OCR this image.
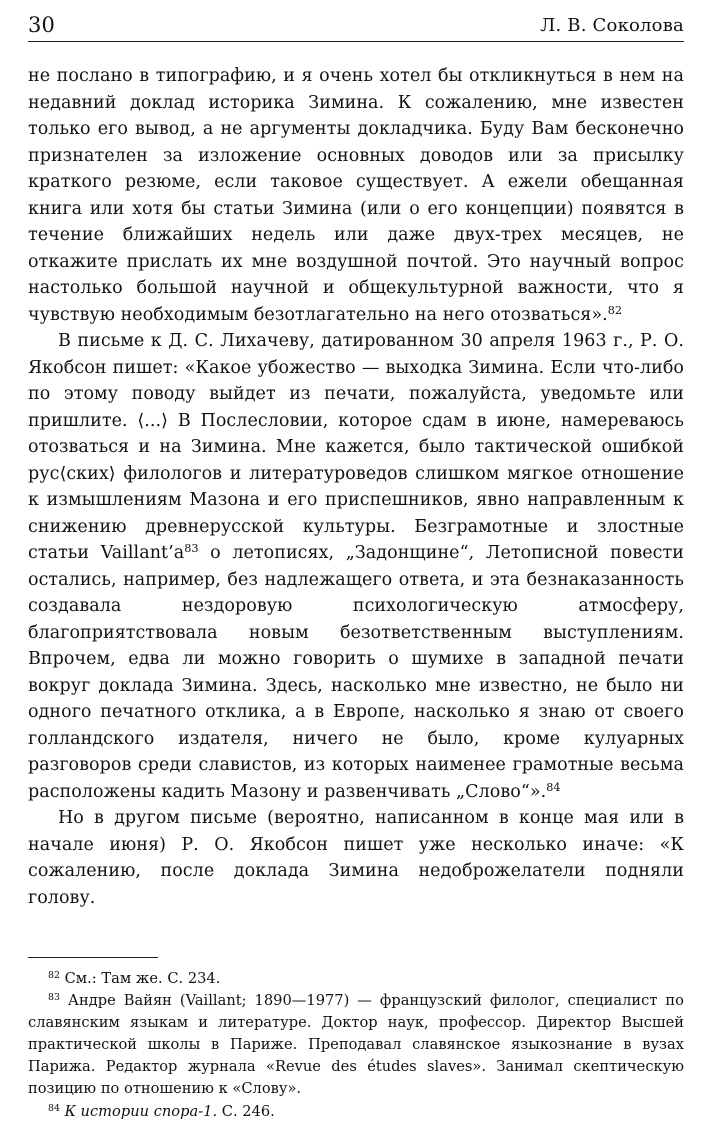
30	Л. В. Соколова

не послано в типографию, и я очень хотел бы откликнуться в нем на недавний доклад историка Зимина. К сожалению, мне известен только его вывод, а не аргументы докладчика. Буду Вам бесконечно признателен за изложение основных доводов или за присылку краткого резюме, если таковое существует. А ежели обещанная книга или хотя бы статьи Зимина (или о его концепции) появятся в течение ближайших недель или даже двух-трех месяцев, не откажите прислать их мне воздушной почтой. Это научный вопрос настолько большой научной и общекультурной важности, что я чувствую необходимым безотлагательно на него отозваться».$^{82}$

В письме к Д. С. Лихачеву, датированном 30 апреля 1963 г., Р. О. Якобсон пишет: «Какое убожество — выходка Зимина. Если что-либо по этому поводу выйдет из печати, пожалуйста, уведомьте или пришлите. ⟨...⟩ В Послесловии, которое сдам в июне, намереваюсь отозваться и на Зимина. Мне кажется, было тактической ошибкой рус⟨ских⟩ филологов и литературоведов слишком мягкое отношение к измышлениям Мазона и его приспешников, явно направленным к снижению древнерусской культуры. Безграмотные и злостные статьи $Vaillant’a^{83}$ о летописях, „Задонщине“, Летописной повести остались, например, без надлежащего ответа, и эта безнаказанность создавала нездоровую психологическую атмосферу, благоприятствовала новым безответственным выступлениям. Впрочем, едва ли можно говорить о шумихе в западной печати вокруг доклада Зимина. Здесь, насколько мне известно, не было ни одного печатного отклика, а в Европе, насколько я знаю от своего голландского издателя, ничего не было, кроме кулуарных разговоров среди славистов, из которых наименее грамотные весьма расположены кадить Мазону и развенчивать „Слово“».$^{84}$

Но в другом письме (вероятно, написанном в конце мая или в начале июня) Р. О. Якобсон пишет уже несколько иначе: «К сожалению, после доклада Зимина недоброжелатели подняли голову.

$^{82}$ См.: Там же. С. 234.

$^{83}$ Андре Вайян (Vaillant; 1890—1977) — французский филолог, специалист по славянским языкам и литературе. Доктор наук, профессор. Директор Высшей практической школы в Париже. Преподавал славянское языкознание в вузах Парижа. Редактор журнала «Revue des études slaves». Занимал скептическую позицию по отношению к «Слову».

$^{84}$ К истории спора-1. С. 246.
